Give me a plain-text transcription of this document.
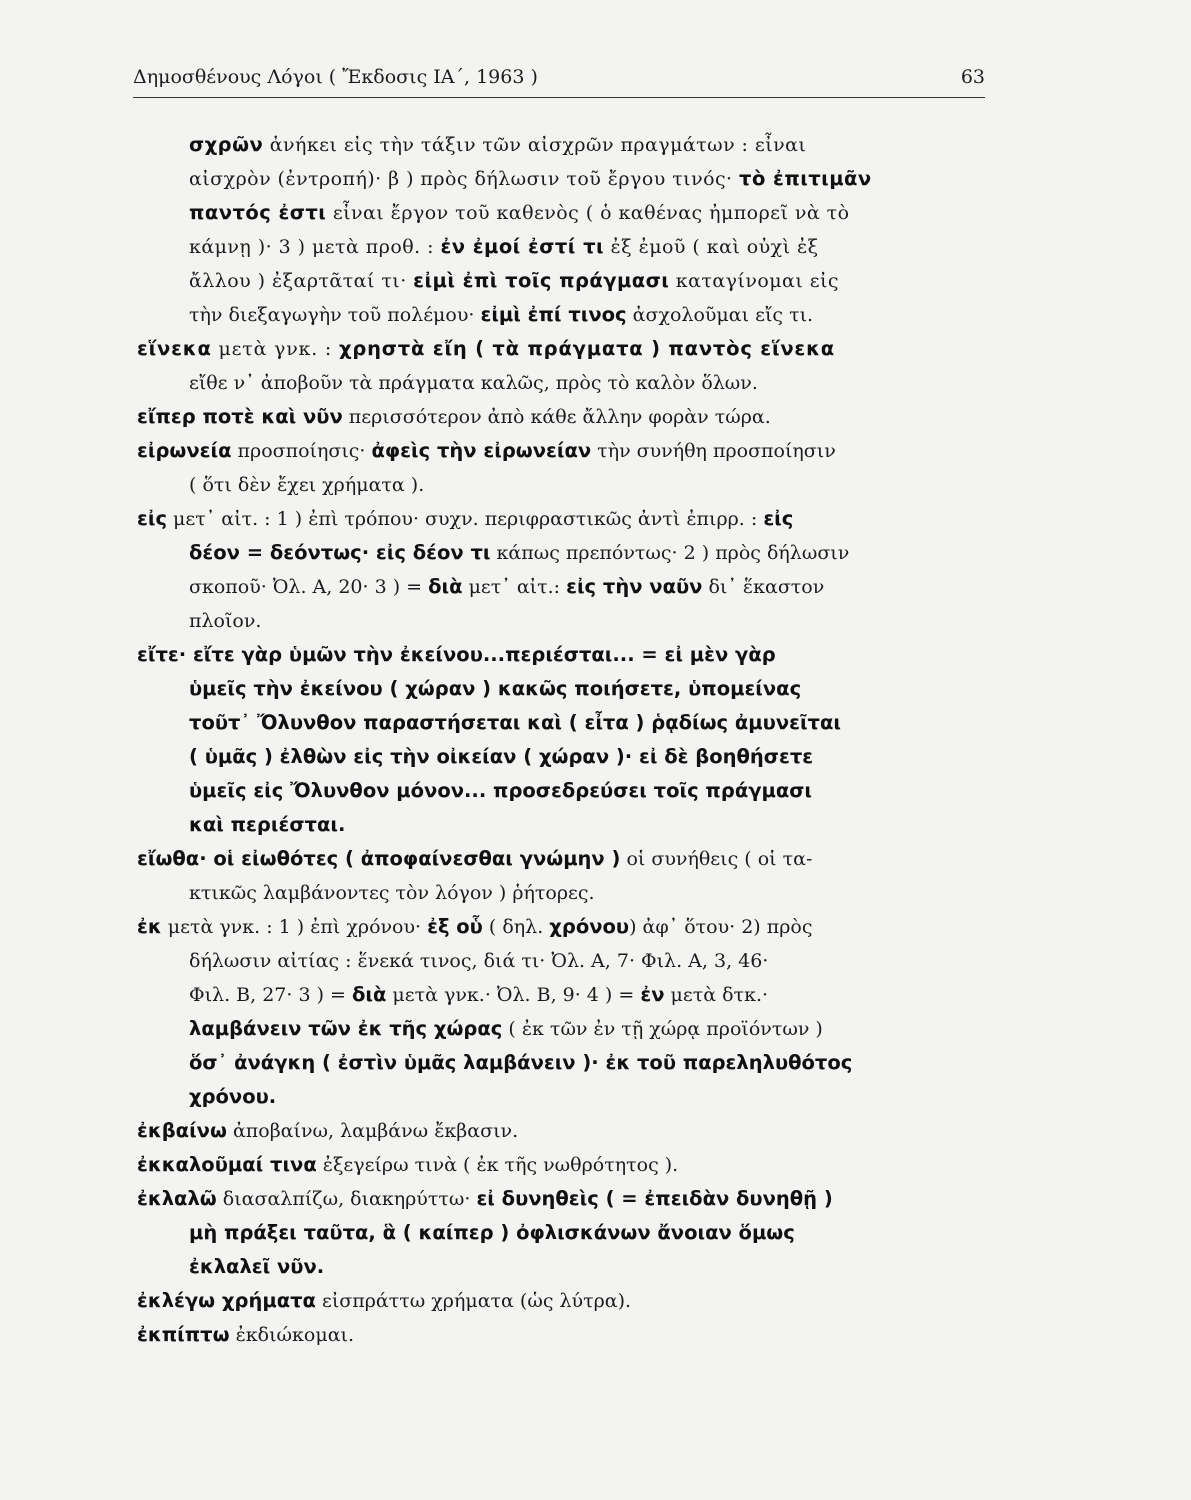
Δημοσθένους Λόγοι ( Ἔκδοσις ΙΑ΄, 1963 )	63
σχρῶν ἀνήκει εἰς τὴν τάξιν τῶν αἰσχρῶν πραγμάτων : εἶναι
αἰσχρὸν (ἐντροπή)· β ) πρὸς δήλωσιν τοῦ ἔργου τινός· τὸ ἐπιτιμᾶν
παντός ἐστι εἶναι ἔργον τοῦ καθενὸς ( ὁ καθένας ἠμπορεῖ νὰ τὸ
κάμνῃ )· 3 ) μετὰ προθ. : ἐν ἐμοί ἐστί τι ἐξ ἐμοῦ ( καὶ οὐχὶ ἐξ
ἄλλου ) ἐξαρτᾶταί τι· εἰμὶ ἐπὶ τοῖς πράγμασι καταγίνομαι εἰς
τὴν διεξαγωγὴν τοῦ πολέμου· εἰμὶ ἐπί τινος ἀσχολοῦμαι εἴς τι.
εἵνεκα μετὰ γνκ. : χρηστὰ εἴη ( τὰ πράγματα ) παντὸς εἵνεκα
εἴθε ν᾿ ἀποβοῦν τὰ πράγματα καλῶς, πρὸς τὸ καλὸν ὅλων.
εἴπερ ποτὲ καὶ νῦν περισσότερον ἀπὸ κάθε ἄλλην φορὰν τώρα.
εἰρωνεία προσποίησις· ἀφεὶς τὴν εἰρωνείαν τὴν συνήθη προσποίησιν
( ὅτι δὲν ἔχει χρήματα ).
εἰς μετ᾿ αἰτ. : 1 ) ἐπὶ τρόπου· συχν. περιφραστικῶς ἀντὶ ἐπιρρ. : εἰς
δέον = δεόντως· εἰς δέον τι κάπως πρεπόντως· 2 ) πρὸς δήλωσιν
σκοποῦ· Ὀλ. Α, 20· 3 ) = διὰ μετ᾿ αἰτ.: εἰς τὴν ναῦν δι᾿ ἕκαστον
πλοῖον.
εἴτε· εἴτε γὰρ ὑμῶν τὴν ἐκείνου...περιέσται... = εἰ μὲν γὰρ
ὑμεῖς τὴν ἐκείνου ( χώραν ) κακῶς ποιήσετε, ὑπομείνας
τοῦτ᾿ Ὄλυνθον παραστήσεται καὶ ( εἶτα ) ῥᾳδίως ἀμυνεῖται
( ὑμᾶς ) ἐλθὼν εἰς τὴν οἰκείαν ( χώραν )· εἰ δὲ βοηθήσετε
ὑμεῖς εἰς Ὄλυνθον μόνον... προσεδρεύσει τοῖς πράγμασι
καὶ περιέσται.
εἴωθα· οἱ εἰωθότες ( ἀποφαίνεσθαι γνώμην ) οἱ συνήθεις ( οἱ τα-
κτικῶς λαμβάνοντες τὸν λόγον ) ῥήτορες.
ἐκ μετὰ γνκ. : 1 ) ἐπὶ χρόνου· ἐξ οὗ ( δηλ. χρόνου) ἀφ᾿ ὅτου· 2) πρὸς
δήλωσιν αἰτίας : ἕνεκά τινος, διά τι· Ὀλ. Α, 7· Φιλ. Α, 3, 46·
Φιλ. Β, 27· 3 ) = διὰ μετὰ γνκ.· Ὀλ. Β, 9· 4 ) = ἐν μετὰ δτκ.·
λαμβάνειν τῶν ἐκ τῆς χώρας ( ἐκ τῶν ἐν τῇ χώρᾳ προϊόντων )
ὅσ᾿ ἀνάγκη ( ἐστὶν ὑμᾶς λαμβάνειν )· ἐκ τοῦ παρεληλυθότος
χρόνου.
ἐκβαίνω ἀποβαίνω, λαμβάνω ἔκβασιν.
ἐκκαλοῦμαί τινα ἐξεγείρω τινὰ ( ἐκ τῆς νωθρότητος ).
ἐκλαλῶ διασαλπίζω, διακηρύττω· εἰ δυνηθεὶς ( = ἐπειδὰν δυνηθῇ )
μὴ πράξει ταῦτα, ἃ ( καίπερ ) ὀφλισκάνων ἄνοιαν ὅμως
ἐκλαλεῖ νῦν.
ἐκλέγω χρήματα εἰσπράττω χρήματα (ὡς λύτρα).
ἐκπίπτω ἐκδιώκομαι.
